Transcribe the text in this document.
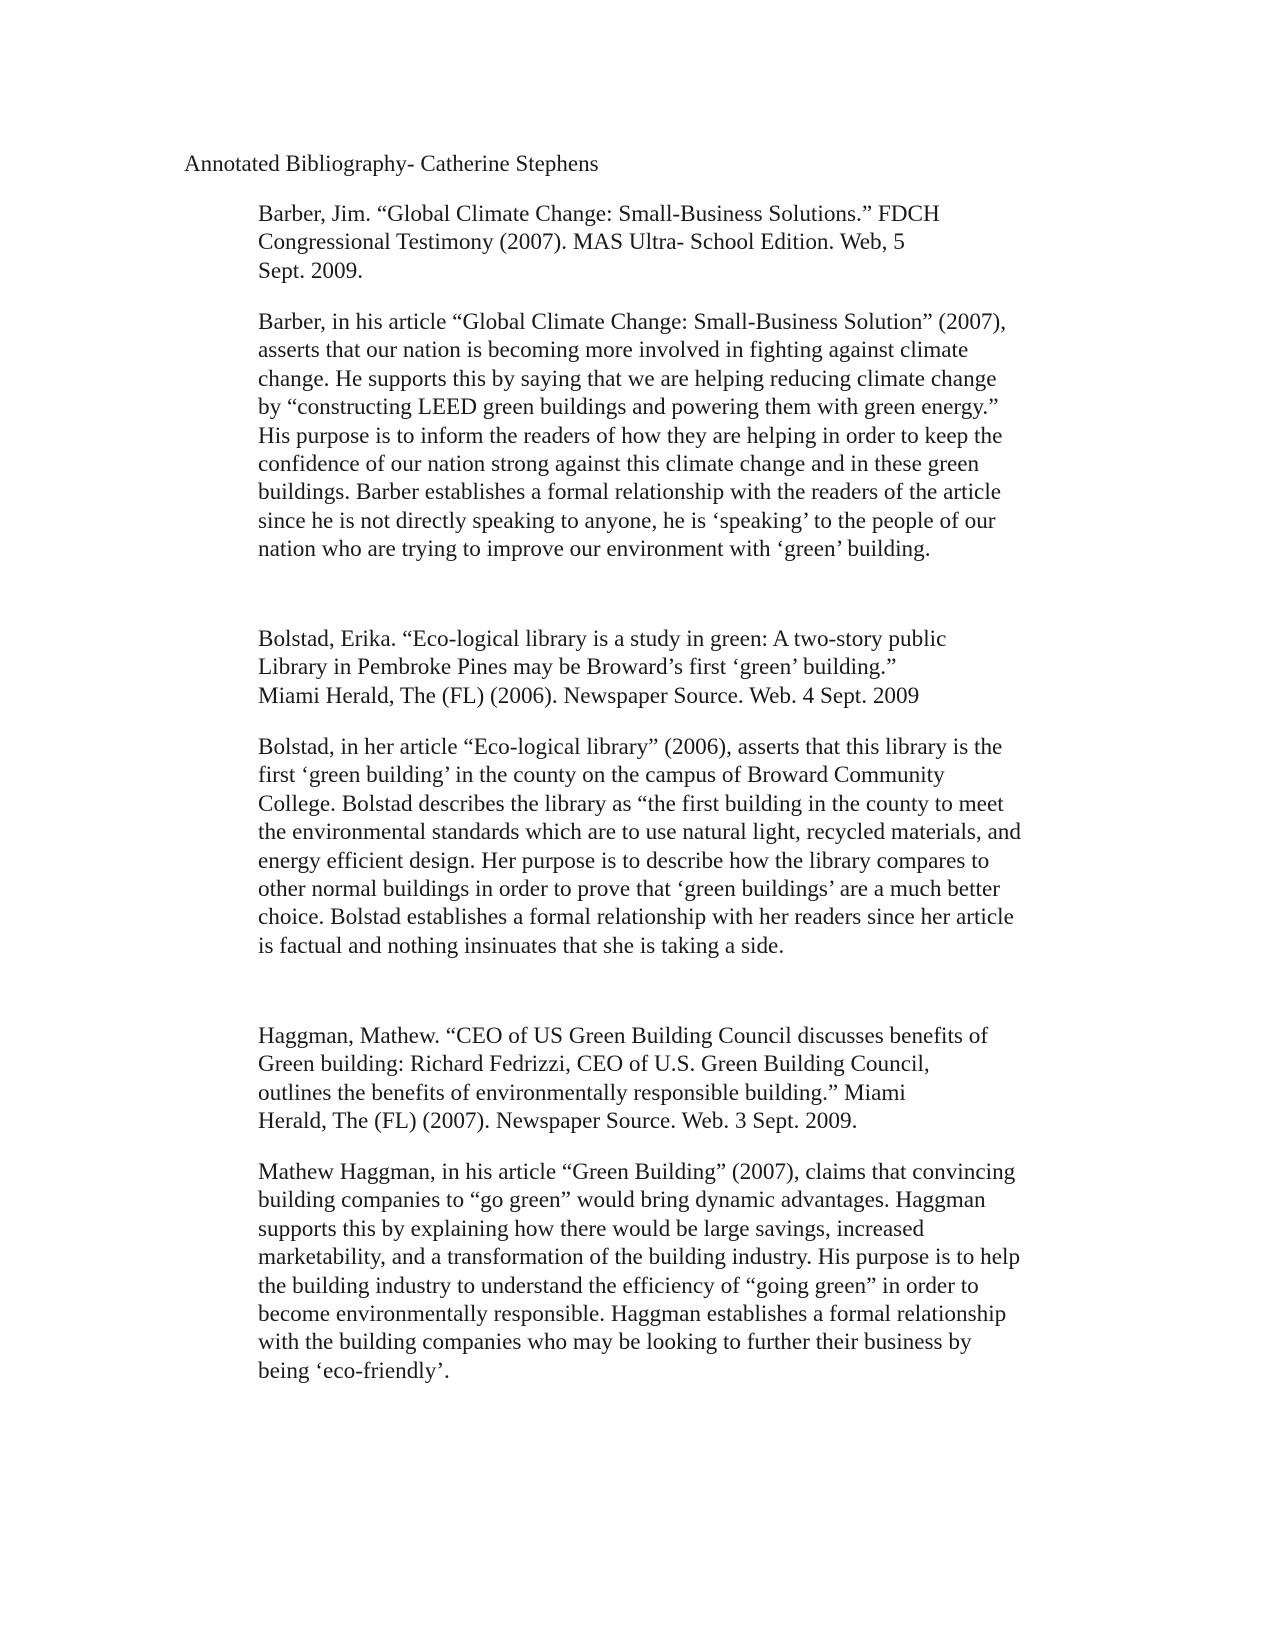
Annotated Bibliography- Catherine Stephens

Barber, Jim. “Global Climate Change: Small-Business Solutions.” FDCH
Congressional Testimony (2007). MAS Ultra- School Edition. Web, 5
Sept. 2009.

Barber, in his article “Global Climate Change: Small-Business Solution” (2007),
asserts that our nation is becoming more involved in fighting against climate
change. He supports this by saying that we are helping reducing climate change
by “constructing LEED green buildings and powering them with green energy.”
His purpose is to inform the readers of how they are helping in order to keep the
confidence of our nation strong against this climate change and in these green
buildings. Barber establishes a formal relationship with the readers of the article
since he is not directly speaking to anyone, he is ‘speaking’ to the people of our
nation who are trying to improve our environment with ‘green’ building.

Bolstad, Erika. “Eco-logical library is a study in green: A two-story public
Library in Pembroke Pines may be Broward’s first ‘green’ building.”
Miami Herald, The (FL) (2006). Newspaper Source. Web. 4 Sept. 2009

Bolstad, in her article “Eco-logical library” (2006), asserts that this library is the
first ‘green building’ in the county on the campus of Broward Community
College. Bolstad describes the library as “the first building in the county to meet
the environmental standards which are to use natural light, recycled materials, and
energy efficient design. Her purpose is to describe how the library compares to
other normal buildings in order to prove that ‘green buildings’ are a much better
choice. Bolstad establishes a formal relationship with her readers since her article
is factual and nothing insinuates that she is taking a side.

Haggman, Mathew. “CEO of US Green Building Council discusses benefits of
Green building: Richard Fedrizzi, CEO of U.S. Green Building Council,
outlines the benefits of environmentally responsible building.” Miami
Herald, The (FL) (2007). Newspaper Source. Web. 3 Sept. 2009.

Mathew Haggman, in his article “Green Building” (2007), claims that convincing
building companies to “go green” would bring dynamic advantages. Haggman
supports this by explaining how there would be large savings, increased
marketability, and a transformation of the building industry. His purpose is to help
the building industry to understand the efficiency of “going green” in order to
become environmentally responsible. Haggman establishes a formal relationship
with the building companies who may be looking to further their business by
being ‘eco-friendly’.
